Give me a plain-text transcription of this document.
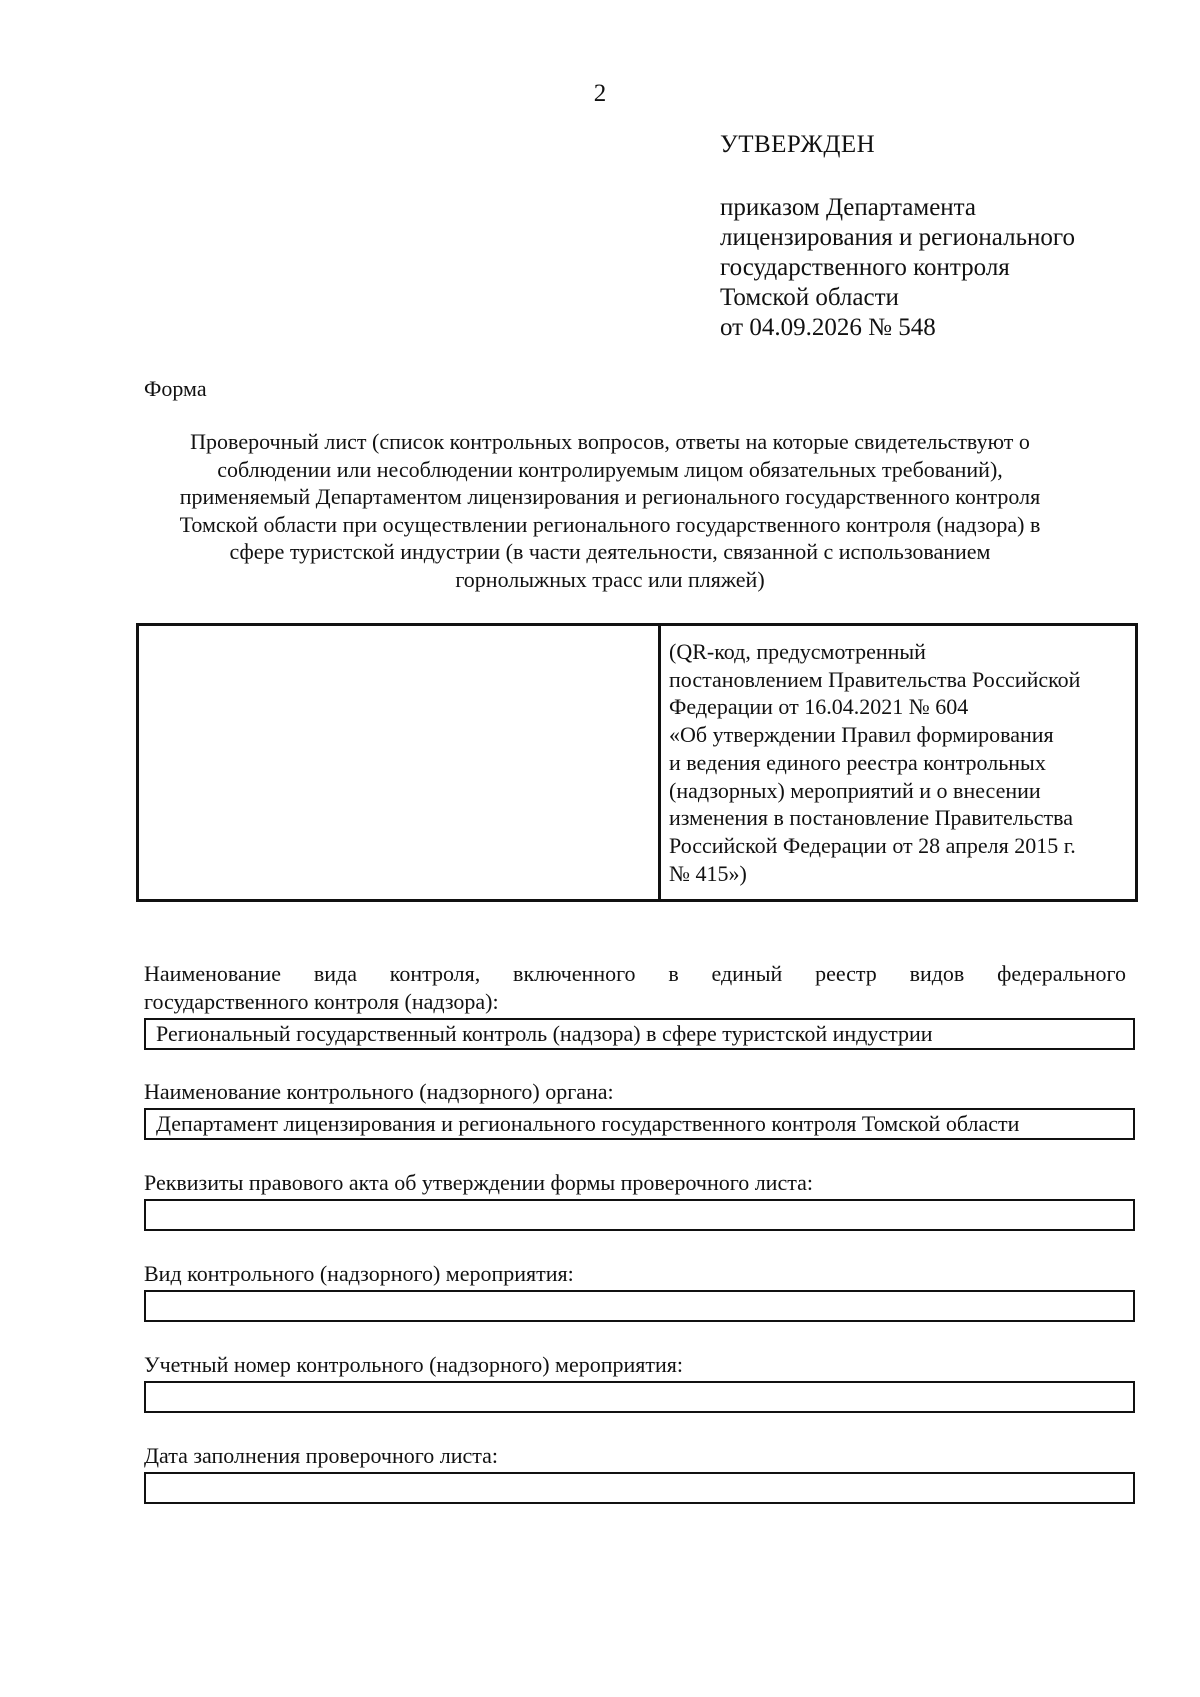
2
УТВЕРЖДЕН
приказом Департамента
лицензирования и регионального
государственного контроля
Томской области
от 04.09.2026 № 548
Форма
Проверочный лист (список контрольных вопросов, ответы на которые свидетельствуют о
соблюдении или несоблюдении контролируемым лицом обязательных требований),
применяемый Департаментом лицензирования и регионального государственного контроля
Томской области при осуществлении регионального государственного контроля (надзора) в
сфере туристской индустрии (в части деятельности, связанной с использованием
горнолыжных трасс или пляжей)
(QR-код, предусмотренный
постановлением Правительства Российской
Федерации от 16.04.2021 № 604
«Об утверждении Правил формирования
и ведения единого реестра контрольных
(надзорных) мероприятий и о внесении
изменения в постановление Правительства
Российской Федерации от 28 апреля 2015 г.
№ 415»)
Наименование вида контроля, включенного в единый реестр видов федерального
государственного контроля (надзора):
Региональный государственный контроль (надзора) в сфере туристской индустрии
Наименование контрольного (надзорного) органа:
Департамент лицензирования и регионального государственного контроля Томской области
Реквизиты правового акта об утверждении формы проверочного листа:
Вид контрольного (надзорного) мероприятия:
Учетный номер контрольного (надзорного) мероприятия:
Дата заполнения проверочного листа:
